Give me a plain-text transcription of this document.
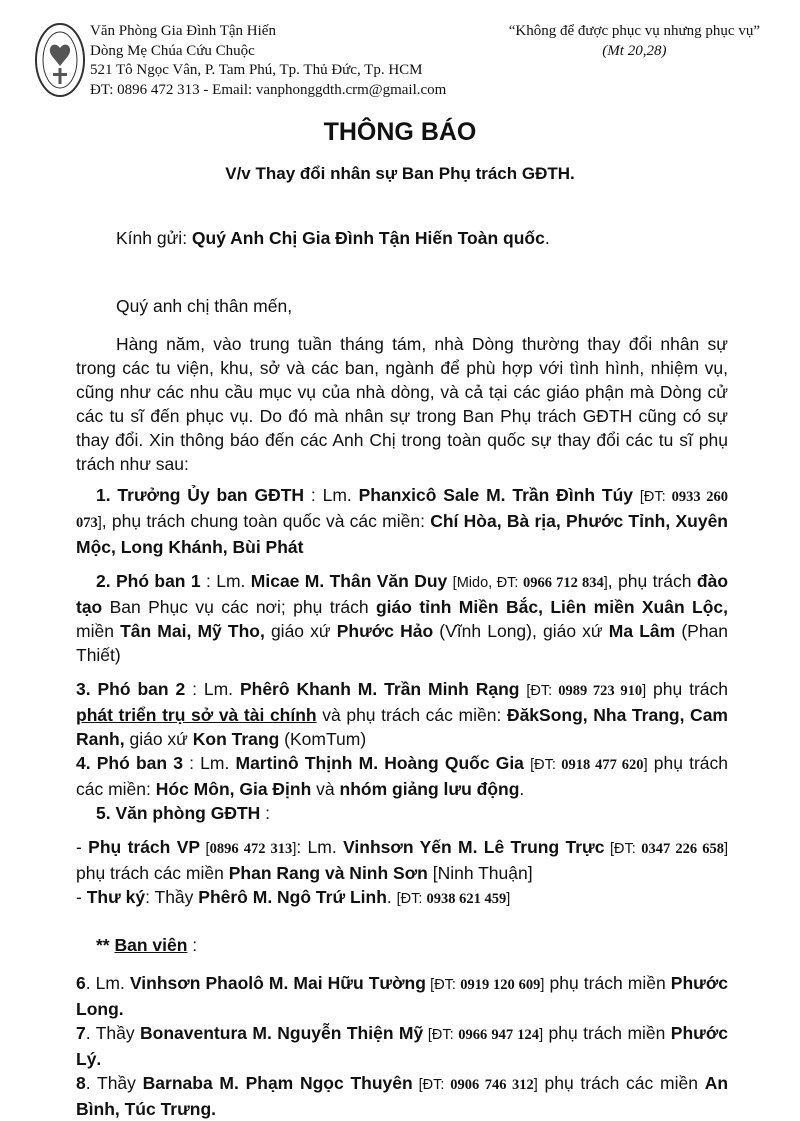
Văn Phòng Gia Đình Tận Hiến
Dòng Mẹ Chúa Cứu Chuộc
521 Tô Ngọc Vân, P. Tam Phú, Tp. Thủ Đức, Tp. HCM
ĐT: 0896 472 313 - Email: vanphonggdth.crm@gmail.com
“Không để được phục vụ nhưng phục vụ”
(Mt 20,28)
THÔNG BÁO
V/v Thay đổi nhân sự Ban Phụ trách GĐTH.

Kính gửi: Quý Anh Chị Gia Đình Tận Hiến Toàn quốc.

Quý anh chị thân mến,

Hàng năm, vào trung tuần tháng tám, nhà Dòng thường thay đổi nhân sự trong các tu viện, khu, sở và các ban, ngành để phù hợp với tình hình, nhiệm vụ, cũng như các nhu cầu mục vụ của nhà dòng, và cả tại các giáo phận mà Dòng cử các tu sĩ đến phục vụ. Do đó mà nhân sự trong Ban Phụ trách GĐTH cũng có sự thay đổi. Xin thông báo đến các Anh Chị trong toàn quốc sự thay đổi các tu sĩ phụ trách như sau:

1. Trưởng Ủy ban GĐTH : Lm. Phanxicô Sale M. Trần Đình Túy [ĐT: 0933 260 073], phụ trách chung toàn quốc và các miền: Chí Hòa, Bà rịa, Phước Tỉnh, Xuyên Mộc, Long Khánh, Bùi Phát

2. Phó ban 1 : Lm. Micae M. Thân Văn Duy [Mido, ĐT: 0966 712 834], phụ trách đào tạo Ban Phục vụ các nơi; phụ trách giáo tỉnh Miền Bắc, Liên miền Xuân Lộc, miền Tân Mai, Mỹ Tho, giáo xứ Phước Hảo (Vĩnh Long), giáo xứ Ma Lâm (Phan Thiết)

3. Phó ban 2 : Lm. Phêrô Khanh M. Trần Minh Rạng [ĐT: 0989 723 910] phụ trách phát triển trụ sở và tài chính và phụ trách các miền: ĐăkSong, Nha Trang, Cam Ranh, giáo xứ Kon Trang (KomTum)

4. Phó ban 3 : Lm. Martinô Thịnh M. Hoàng Quốc Gia [ĐT: 0918 477 620] phụ trách các miền: Hóc Môn, Gia Định và nhóm giảng lưu động.

5. Văn phòng GĐTH :

- Phụ trách VP [0896 472 313]: Lm. Vinhsơn Yến M. Lê Trung Trực [ĐT: 0347 226 658] phụ trách các miền Phan Rang và Ninh Sơn [Ninh Thuận]

- Thư ký: Thầy Phêrô M. Ngô Trứ Linh. [ĐT: 0938 621 459]

** Ban viên :

6. Lm. Vinhsơn Phaolô M. Mai Hữu Tường [ĐT: 0919 120 609] phụ trách miền Phước Long.

7. Thầy Bonaventura M. Nguyễn Thiện Mỹ [ĐT: 0966 947 124] phụ trách miền Phước Lý.

8. Thầy Barnaba M. Phạm Ngọc Thuyên [ĐT: 0906 746 312] phụ trách các miền An Bình, Túc Trưng.
